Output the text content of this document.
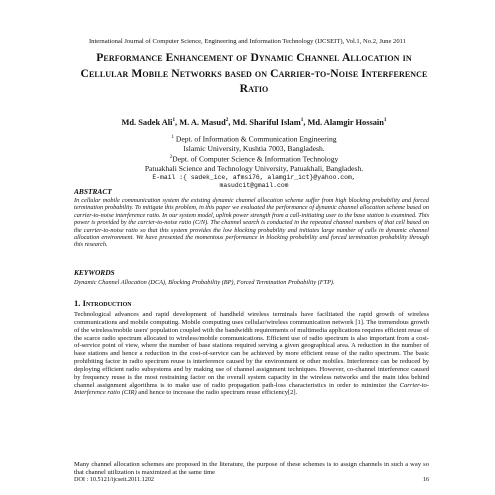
International Journal of Computer Science, Engineering and Information Technology (IJCSEIT), Vol.1, No.2, June 2011
Performance Enhancement of Dynamic Channel Allocation in Cellular Mobile Networks based on Carrier-to-Noise Interference Ratio
Md. Sadek Ali$^1$, M. A. Masud$^2$, Md. Shariful Islam$^1$, Md. Alamgir Hossain$^1$
$^1$ Dept. of Information & Communication Engineering
Islamic University, Kushtia 7003, Bangladesh.
$^2$Dept. of Computer Science & Information Technology
Patuakhali Science and Technology University, Patuakhali, Bangladesh.
E-mail :{ sadek_ice, afmsi76, alamgir_ict}@yahoo.com,
masudcit@gmail.com
ABSTRACT
In cellular mobile communication system the existing dynamic channel allocation scheme suffer from high blocking probability and forced termination probability. To mitigate this problem, in this paper we evaluated the performance of dynamic channel allocation scheme based on carrier-to-noise interference ratio. In our system model, uplink power strength from a call-initiating user to the base station is examined. This power is provided by the carrier-to-noise ratio (C/N). The channel search is conducted in the repeated channel numbers of that cell based on the carrier-to-noise ratio so that this system provides the low blocking probability and initiates large number of calls in dynamic channel allocation environment. We have presented the momentous performance in blocking probability and forced termination probability through this research.
KEYWORDS
Dynamic Channel Allocation (DCA), Blocking Probability (BP), Forced Termination Probability (FTP).
1. Introduction
Technological advances and rapid development of handheld wireless terminals have facilitated the rapid growth of wireless communications and mobile computing. Mobile computing uses cellular/wireless communication network [1]. The tremendous growth of the wireless/mobile users' population coupled with the bandwidth requirements of multimedia applications requires efficient reuse of the scarce radio spectrum allocated to wireless/mobile communications. Efficient use of radio spectrum is also important from a cost-of-service point of view, where the number of base stations required serving a given geographical area. A reduction in the number of base stations and hence a reduction in the cost-of-service can be achieved by more efficient reuse of the radio spectrum. The basic prohibiting factor in radio spectrum reuse is interference caused by the environment or other mobiles. Interference can be reduced by deploying efficient radio subsystems and by making use of channel assignment techniques. However, co-channel interference caused by frequency reuse is the most restraining factor on the overall system capacity in the wireless networks and the main idea behind channel assignment algorithms is to make use of radio propagation path-loss characteristics in order to minimize the Carrier-to-Interference ratio (CIR) and hence to increase the radio spectrum reuse efficiency[2].
Many channel allocation schemes are proposed in the literature, the purpose of these schemes is to assign channels in such a way so that channel utilization is maximized at the same time
DOI : 10.5121/ijcseit.2011.1202	16
